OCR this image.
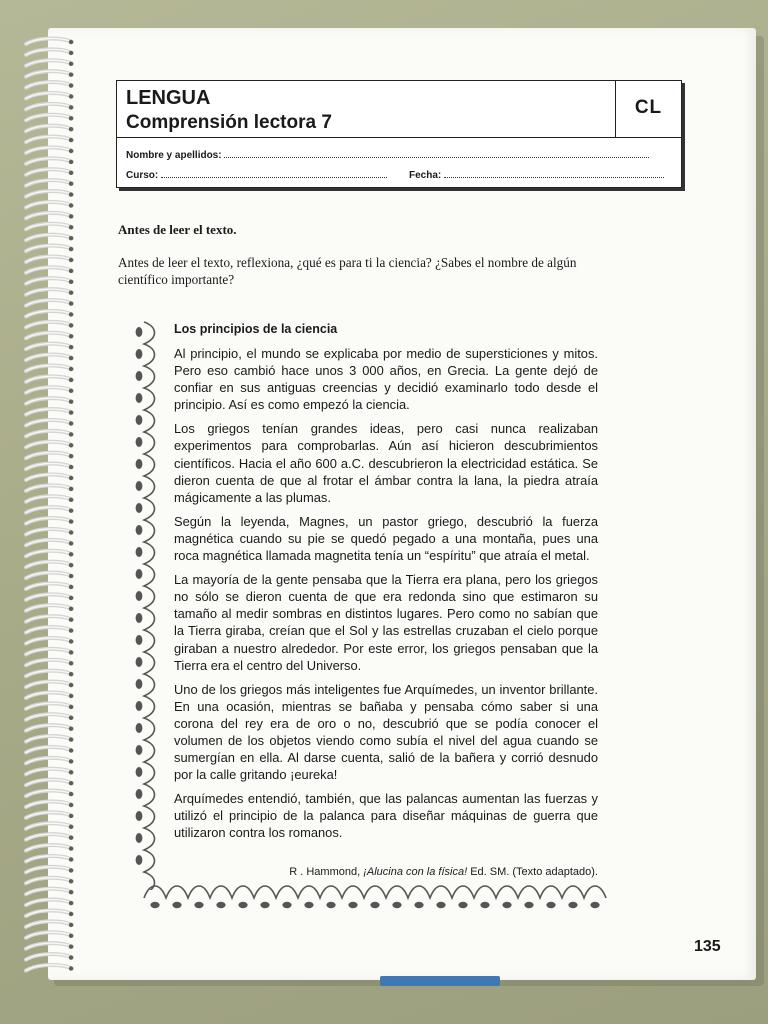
LENGUA
Comprensión lectora 7
CL
Nombre y apellidos:
Curso:	Fecha:
Antes de leer el texto.
Antes de leer el texto, reflexiona, ¿qué es para ti la ciencia? ¿Sabes el nombre de algún científico importante?
Los principios de la ciencia

Al principio, el mundo se explicaba por medio de supersticiones y mitos. Pero eso cambió hace unos 3 000 años, en Grecia. La gente dejó de confiar en sus antiguas creencias y decidió examinarlo todo desde el principio. Así es como empezó la ciencia.

Los griegos tenían grandes ideas, pero casi nunca realizaban experimentos para comprobarlas. Aún así hicieron descubrimientos científicos. Hacia el año 600 a.C. descubrieron la electricidad estática. Se dieron cuenta de que al frotar el ámbar contra la lana, la piedra atraía mágicamente a las plumas.

Según la leyenda, Magnes, un pastor griego, descubrió la fuerza magnética cuando su pie se quedó pegado a una montaña, pues una roca magnética llamada magnetita tenía un “espíritu” que atraía el metal.

La mayoría de la gente pensaba que la Tierra era plana, pero los griegos no sólo se dieron cuenta de que era redonda sino que estimaron su tamaño al medir sombras en distintos lugares. Pero como no sabían que la Tierra giraba, creían que el Sol y las estrellas cruzaban el cielo porque giraban a nuestro alrededor. Por este error, los griegos pensaban que la Tierra era el centro del Universo.

Uno de los griegos más inteligentes fue Arquímedes, un inventor brillante. En una ocasión, mientras se bañaba y pensaba cómo saber si una corona del rey era de oro o no, descubrió que se podía conocer el volumen de los objetos viendo como subía el nivel del agua cuando se sumergían en ella. Al darse cuenta, salió de la bañera y corrió desnudo por la calle gritando ¡eureka!

Arquímedes entendió, también, que las palancas aumentan las fuerzas y utilizó el principio de la palanca para diseñar máquinas de guerra que utilizaron contra los romanos.

R . Hammond, ¡Alucina con la física! Ed. SM. (Texto adaptado).
135
